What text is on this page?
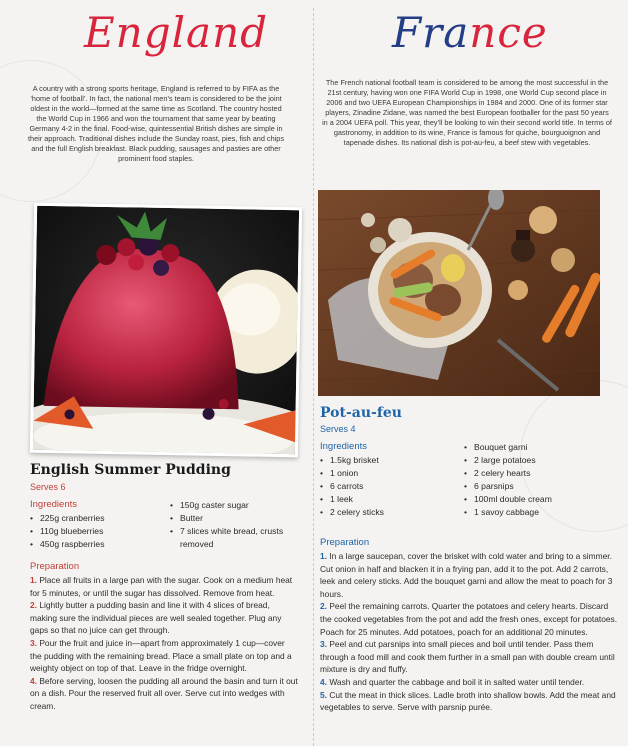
England
A country with a strong sports heritage, England is referred to by FIFA as the ‘home of football’. In fact, the national men’s team is considered to be the joint oldest in the world—formed at the same time as Scotland. The country hosted the World Cup in 1966 and won the tournament that same year by beating Germany 4-2 in the final. Food-wise, quintessential British dishes are simple in their approach. Traditional dishes include the Sunday roast, pies, fish and chips and the full English breakfast. Black pudding, sausages and pasties are other prominent food staples.
English Summer Pudding
Serves 6
Ingredients
• 225g cranberries
• 110g blueberries
• 450g raspberries
• 150g caster sugar
• Butter
• 7 slices white bread, crusts removed
Preparation

1. Place all fruits in a large pan with the sugar. Cook on a medium heat for 5 minutes, or until the sugar has dissolved. Remove from heat.

2. Lightly butter a pudding basin and line it with 4 slices of bread, making sure the individual pieces are well sealed together. Plug any gaps so that no juice can get through.

3. Pour the fruit and juice in—apart from approximately 1 cup—cover the pudding with the remaining bread. Place a small plate on top and a weighty object on top of that. Leave in the fridge overnight.

4. Before serving, loosen the pudding all around the basin and turn it out on a dish. Pour the reserved fruit all over. Serve cut into wedges with cream.

France
The French national football team is considered to be among the most successful in the 21st century, having won one FIFA World Cup in 1998, one World Cup second place in 2006 and two UEFA European Championships in 1984 and 2000. One of its former star players, Zinadine Zidane, was named the best European footballer for the past 50 years in a 2004 UEFA poll. This year, they’ll be looking to win their second world title. In terms of gastronomy, in addition to its wine, France is famous for quiche, bourguoignon and tapenade dishes. Its national dish is pot-au-feu, a beef stew with vegetables.
Pot-au-feu
Serves 4
Ingredients
• 1.5kg brisket
• 1 onion
• 6 carrots
• 1 leek
• 2 celery sticks
• Bouquet garni
• 2 large potatoes
• 2 celery hearts
• 6 parsnips
• 100ml double cream
• 1 savoy cabbage
Preparation

1. In a large saucepan, cover the brisket with cold water and bring to a simmer. Cut onion in half and blacken it in a frying pan, add it to the pot. Add 2 carrots, leek and celery sticks. Add the bouquet garni and allow the meat to poach for 3 hours.

2. Peel the remaining carrots. Quarter the potatoes and celery hearts. Discard the cooked vegetables from the pot and add the fresh ones, except for potatoes. Poach for 25 minutes. Add potatoes, poach for an additional 20 minutes.

3. Peel and cut parsnips into small pieces and boil until tender. Pass them through a food mill and cook them further in a small pan with double cream until mixture is dry and fluffy.

4. Wash and quarter the cabbage and boil it in salted water until tender.

5. Cut the meat in thick slices. Ladle broth into shallow bowls. Add the meat and vegetables to serve. Serve with parsnip purée.
